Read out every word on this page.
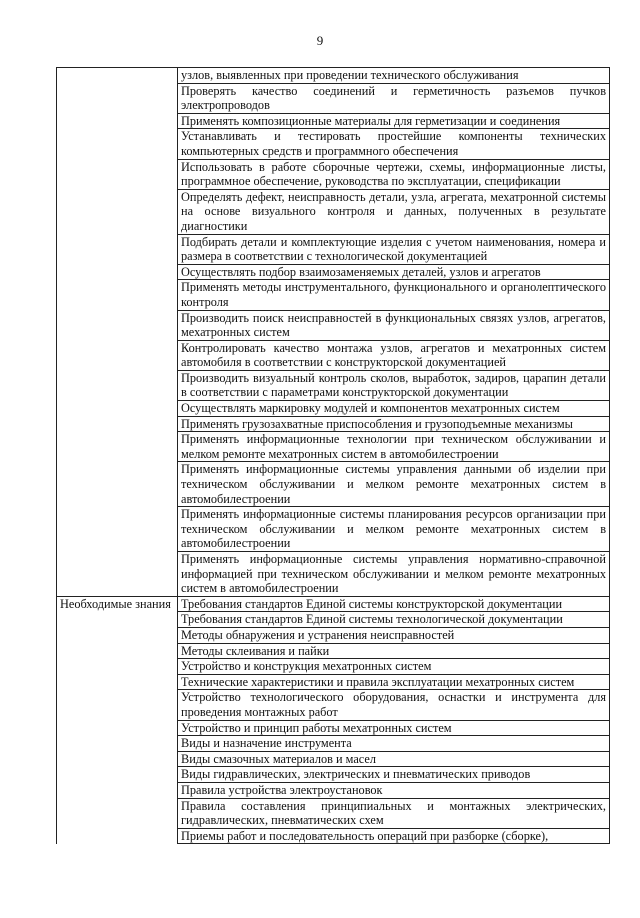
9
	узлов, выявленных при проведении технического обслуживания
	Проверять качество соединений и герметичность разъемов пучков электропроводов
	Применять композиционные материалы для герметизации и соединения
	Устанавливать и тестировать простейшие компоненты технических компьютерных средств и программного обеспечения
	Использовать в работе сборочные чертежи, схемы, информационные листы, программное обеспечение, руководства по эксплуатации, спецификации
	Определять дефект, неисправность детали, узла, агрегата, мехатронной системы на основе визуального контроля и данных, полученных в результате диагностики
	Подбирать детали и комплектующие изделия с учетом наименования, номера и размера в соответствии с технологической документацией
	Осуществлять подбор взаимозаменяемых деталей, узлов и агрегатов
	Применять методы инструментального, функционального и органолептического контроля
	Производить поиск неисправностей в функциональных связях узлов, агрегатов, мехатронных систем
	Контролировать качество монтажа узлов, агрегатов и мехатронных систем автомобиля в соответствии с конструкторской документацией
	Производить визуальный контроль сколов, выработок, задиров, царапин детали в соответствии с параметрами конструкторской документации
	Осуществлять маркировку модулей и компонентов мехатронных систем
	Применять грузозахватные приспособления и грузоподъемные механизмы
	Применять информационные технологии при техническом обслуживании и мелком ремонте мехатронных систем в автомобилестроении
	Применять информационные системы управления данными об изделии при техническом обслуживании и мелком ремонте мехатронных систем в автомобилестроении
	Применять информационные системы планирования ресурсов организации при техническом обслуживании и мелком ремонте мехатронных систем в автомобилестроении
	Применять информационные системы управления нормативно-справочной информацией при техническом обслуживании и мелком ремонте мехатронных систем в автомобилестроении
Необходимые знания	Требования стандартов Единой системы конструкторской документации
	Требования стандартов Единой системы технологической документации
	Методы обнаружения и устранения неисправностей
	Методы склеивания и пайки
	Устройство и конструкция мехатронных систем
	Технические характеристики и правила эксплуатации мехатронных систем
	Устройство технологического оборудования, оснастки и инструмента для проведения монтажных работ
	Устройство и принцип работы мехатронных систем
	Виды и назначение инструмента
	Виды смазочных материалов и масел
	Виды гидравлических, электрических и пневматических приводов
	Правила устройства электроустановок
	Правила составления принципиальных и монтажных электрических, гидравлических, пневматических схем
	Приемы работ и последовательность операций при разборке (сборке),
